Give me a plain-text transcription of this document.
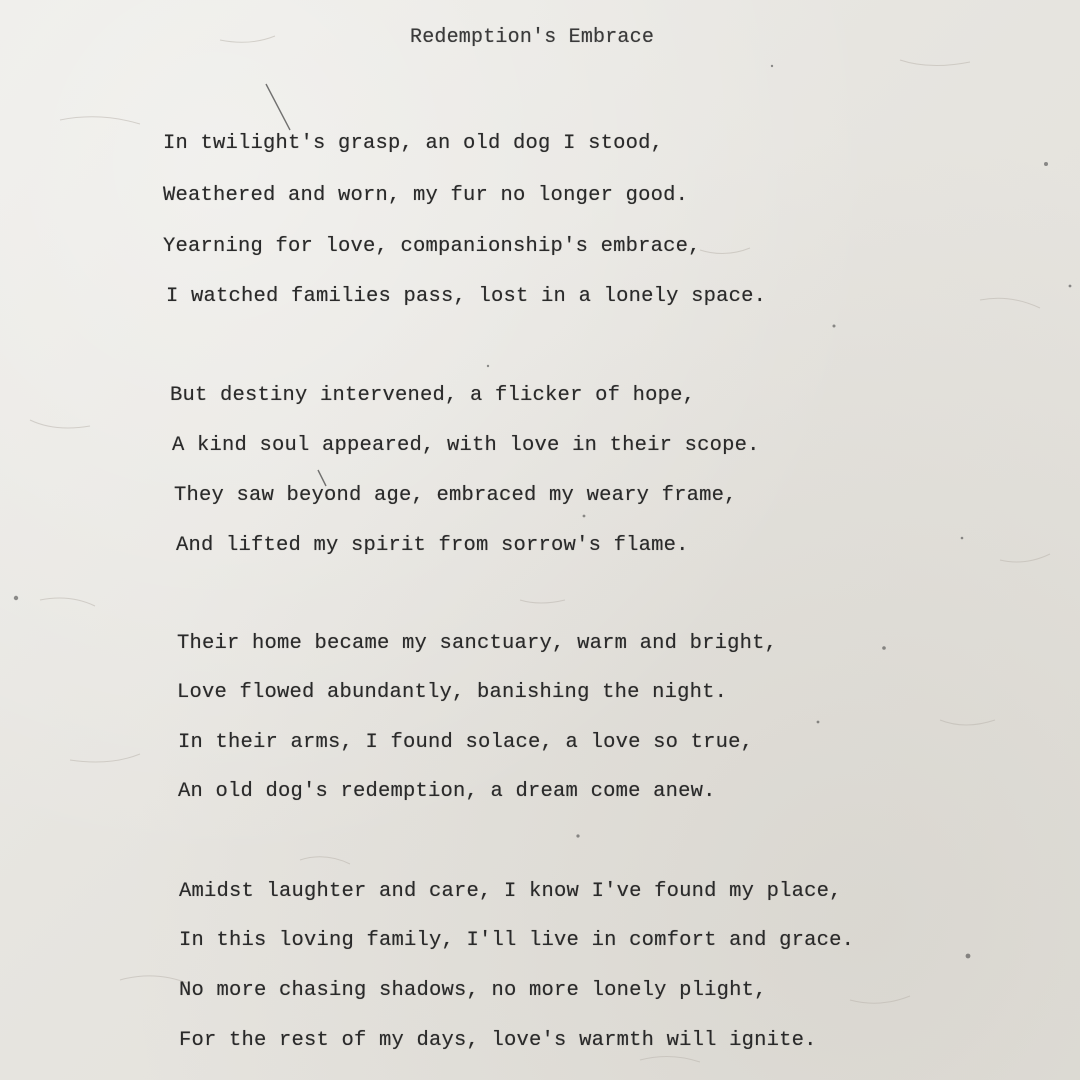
Redemption's Embrace
In twilight's grasp, an old dog I stood,
Weathered and worn, my fur no longer good.
Yearning for love, companionship's embrace,
I watched families pass, lost in a lonely space.
But destiny intervened, a flicker of hope,
A kind soul appeared, with love in their scope.
They saw beyond age, embraced my weary frame,
And lifted my spirit from sorrow's flame.
Their home became my sanctuary, warm and bright,
Love flowed abundantly, banishing the night.
In their arms, I found solace, a love so true,
An old dog's redemption, a dream come anew.
Amidst laughter and care, I know I've found my place,
In this loving family, I'll live in comfort and grace.
No more chasing shadows, no more lonely plight,
For the rest of my days, love's warmth will ignite.
